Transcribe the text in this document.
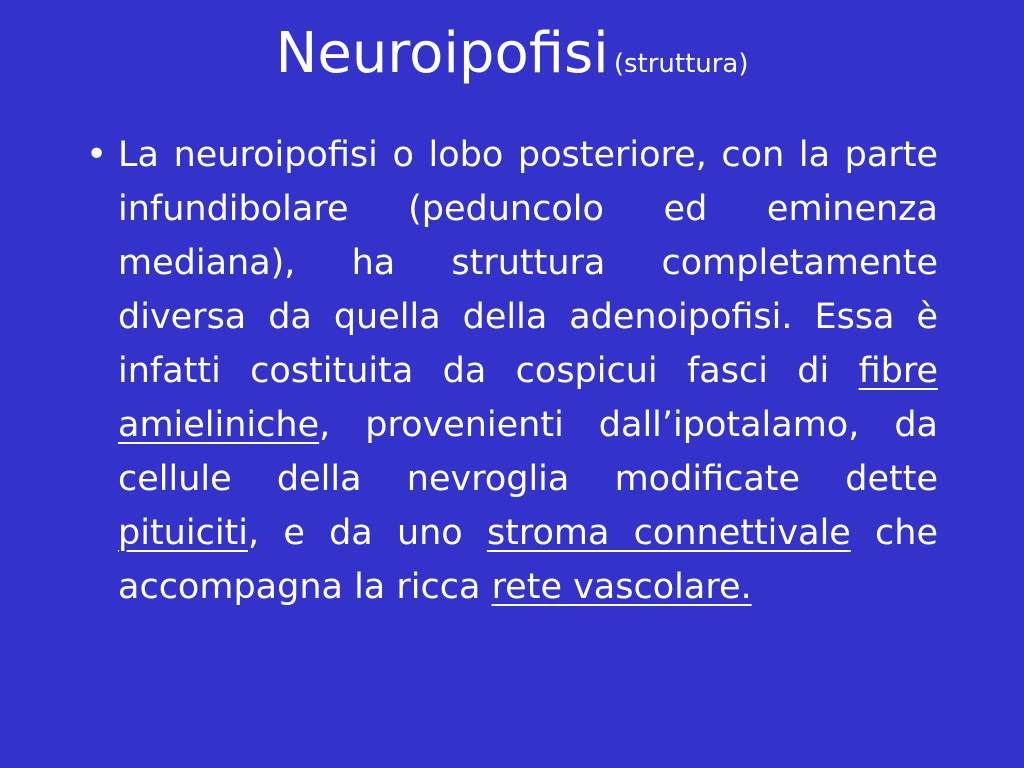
Neuroipofisi (struttura)
• La neuroipofisi o lobo posteriore, con la parte infundibolare (peduncolo ed eminenza mediana), ha struttura completamente diversa da quella della adenoipofisi. Essa è infatti costituita da cospicui fasci di fibre amieliniche, provenienti dall’ipotalamo, da cellule della nevroglia modificate dette pituiciti, e da uno stroma connettivale che accompagna la ricca rete vascolare.
